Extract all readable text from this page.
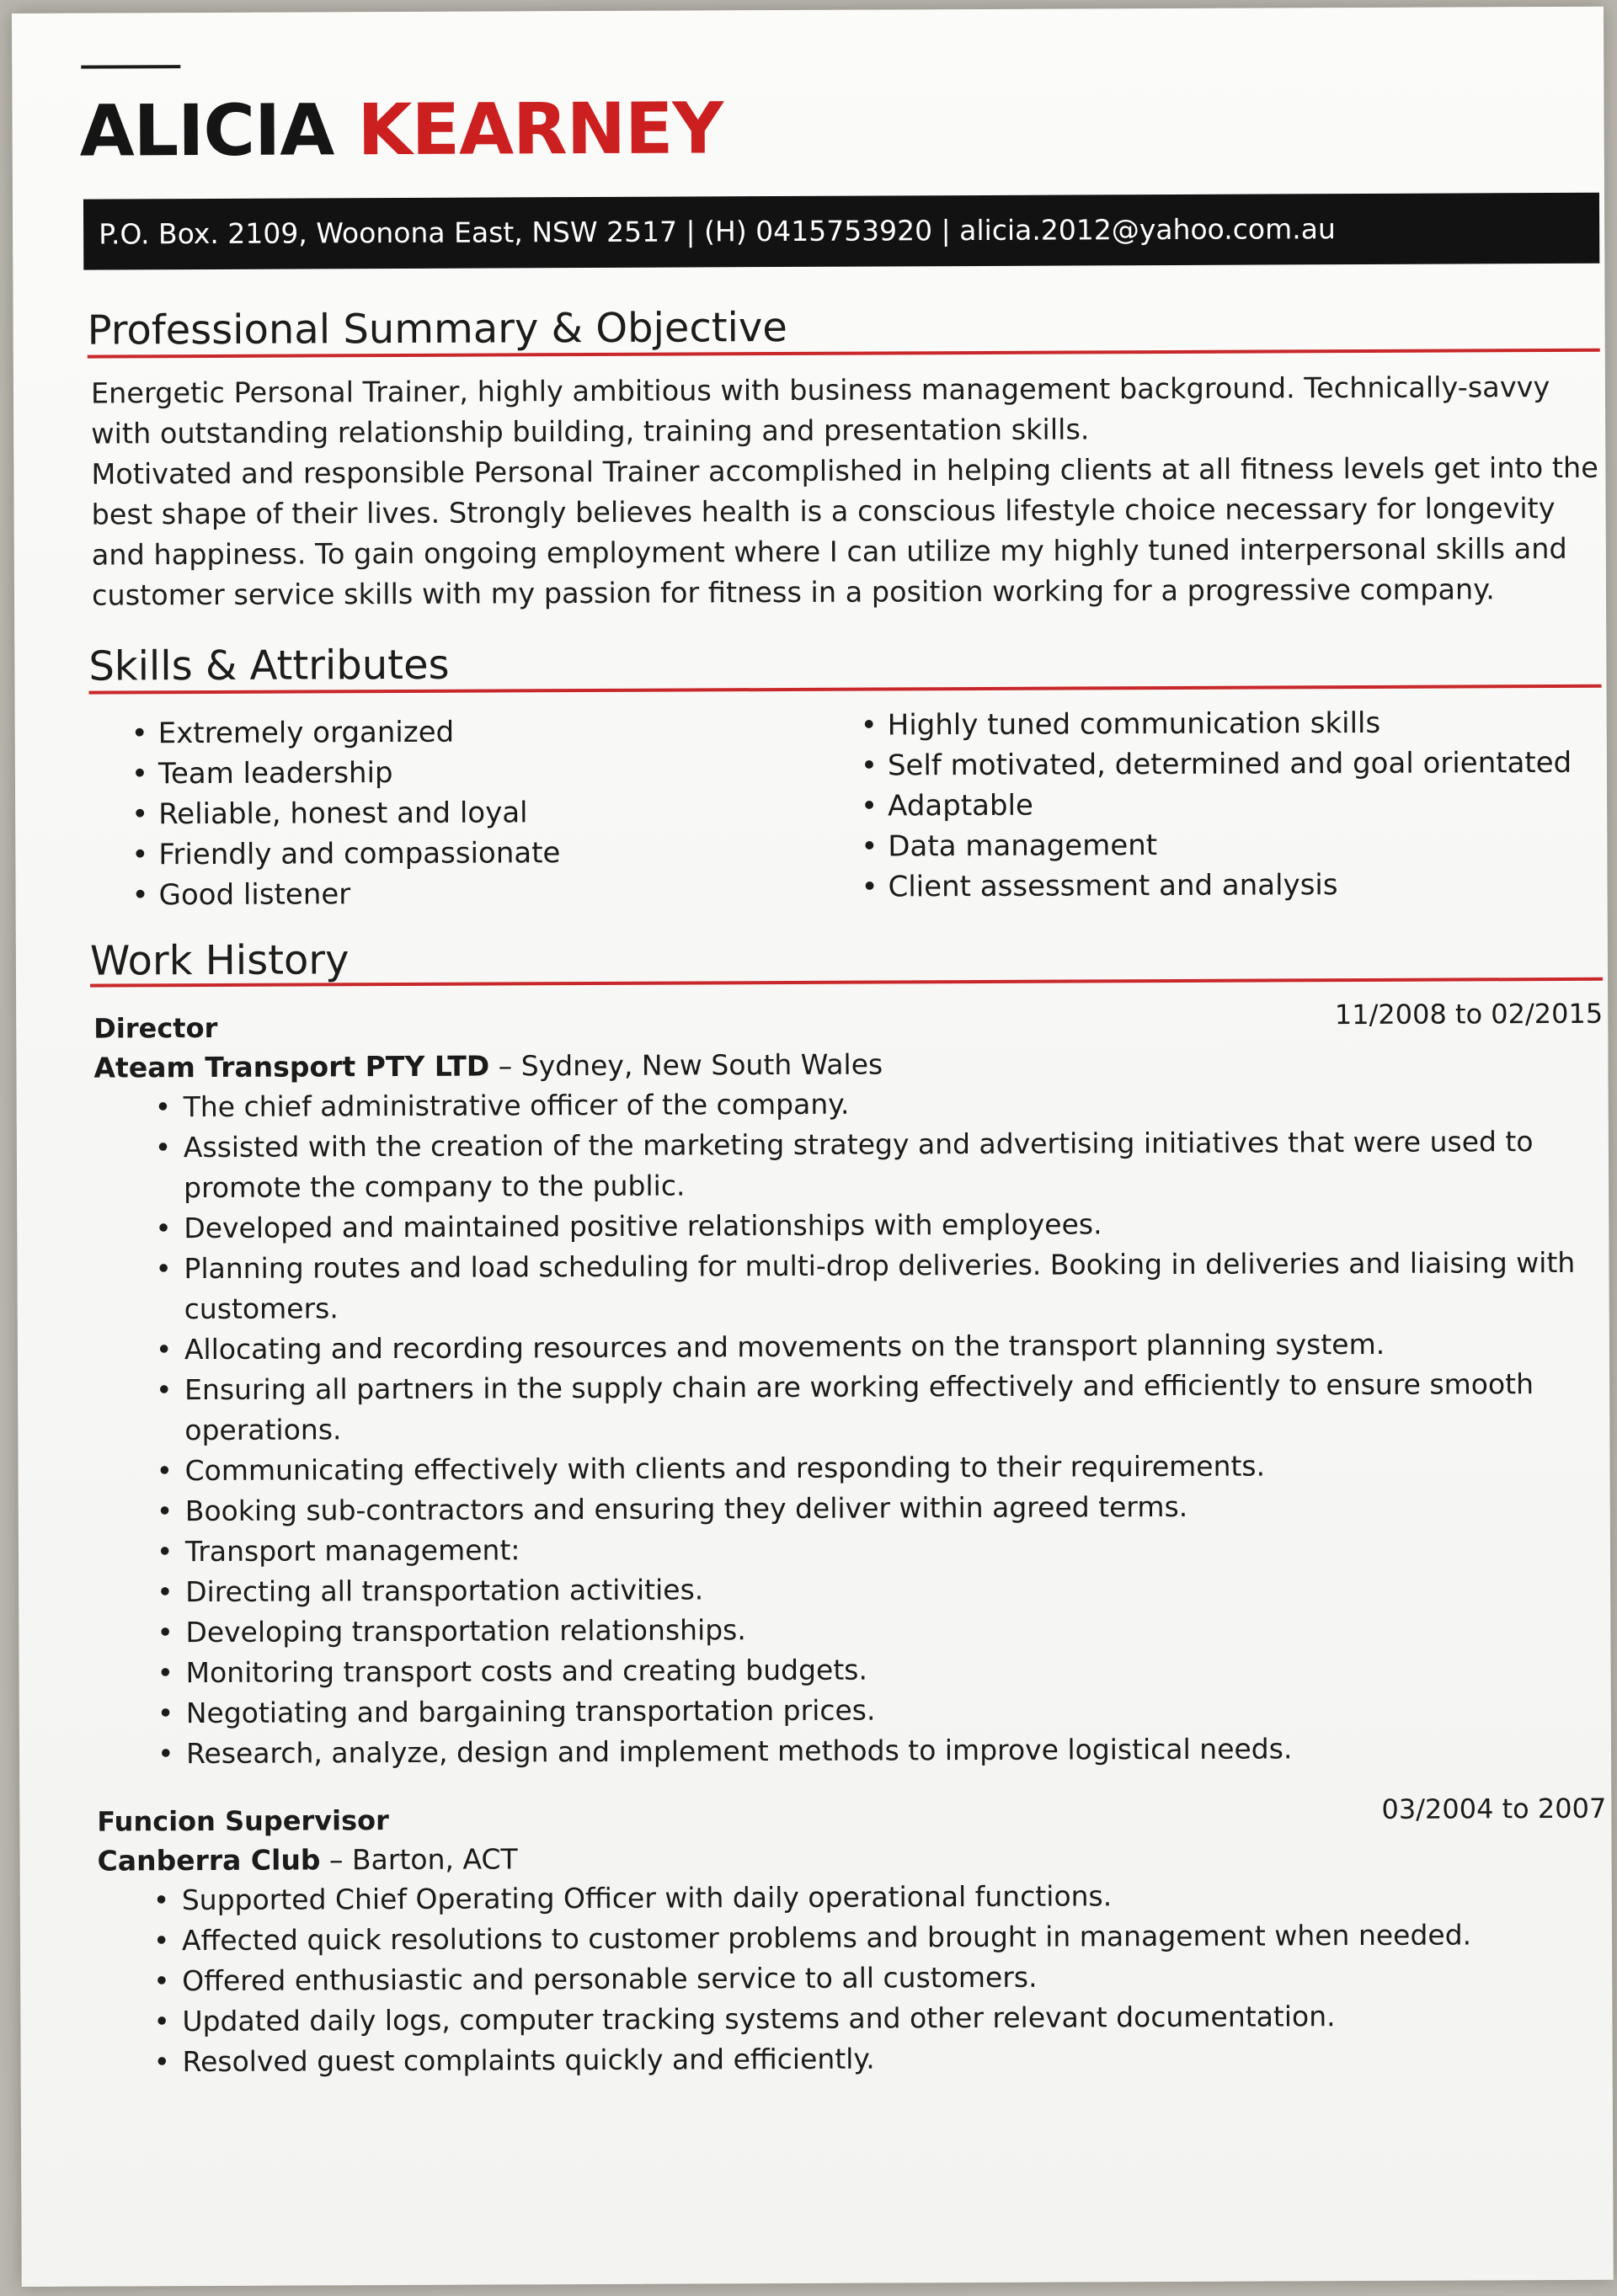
ALICIA KEARNEY
P.O. Box. 2109, Woonona East, NSW 2517 | (H) 0415753920 | alicia.2012@yahoo.com.au
Professional Summary & Objective
Energetic Personal Trainer, highly ambitious with business management background. Technically-savvy with outstanding relationship building, training and presentation skills.
Motivated and responsible Personal Trainer accomplished in helping clients at all fitness levels get into the best shape of their lives. Strongly believes health is a conscious lifestyle choice necessary for longevity and happiness. To gain ongoing employment where I can utilize my highly tuned interpersonal skills and customer service skills with my passion for fitness in a position working for a progressive company.
Skills & Attributes
• Extremely organized
• Team leadership
• Reliable, honest and loyal
• Friendly and compassionate
• Good listener
• Highly tuned communication skills
• Self motivated, determined and goal orientated
• Adaptable
• Data management
• Client assessment and analysis
Work History
Director	11/2008 to 02/2015
Ateam Transport PTY LTD – Sydney, New South Wales
• The chief administrative officer of the company.
• Assisted with the creation of the marketing strategy and advertising initiatives that were used to promote the company to the public.
• Developed and maintained positive relationships with employees.
• Planning routes and load scheduling for multi-drop deliveries. Booking in deliveries and liaising with customers.
• Allocating and recording resources and movements on the transport planning system.
• Ensuring all partners in the supply chain are working effectively and efficiently to ensure smooth operations.
• Communicating effectively with clients and responding to their requirements.
• Booking sub-contractors and ensuring they deliver within agreed terms.
• Transport management:
• Directing all transportation activities.
• Developing transportation relationships.
• Monitoring transport costs and creating budgets.
• Negotiating and bargaining transportation prices.
• Research, analyze, design and implement methods to improve logistical needs.
Funcion Supervisor	03/2004 to 2007
Canberra Club – Barton, ACT
• Supported Chief Operating Officer with daily operational functions.
• Affected quick resolutions to customer problems and brought in management when needed.
• Offered enthusiastic and personable service to all customers.
• Updated daily logs, computer tracking systems and other relevant documentation.
• Resolved guest complaints quickly and efficiently.
